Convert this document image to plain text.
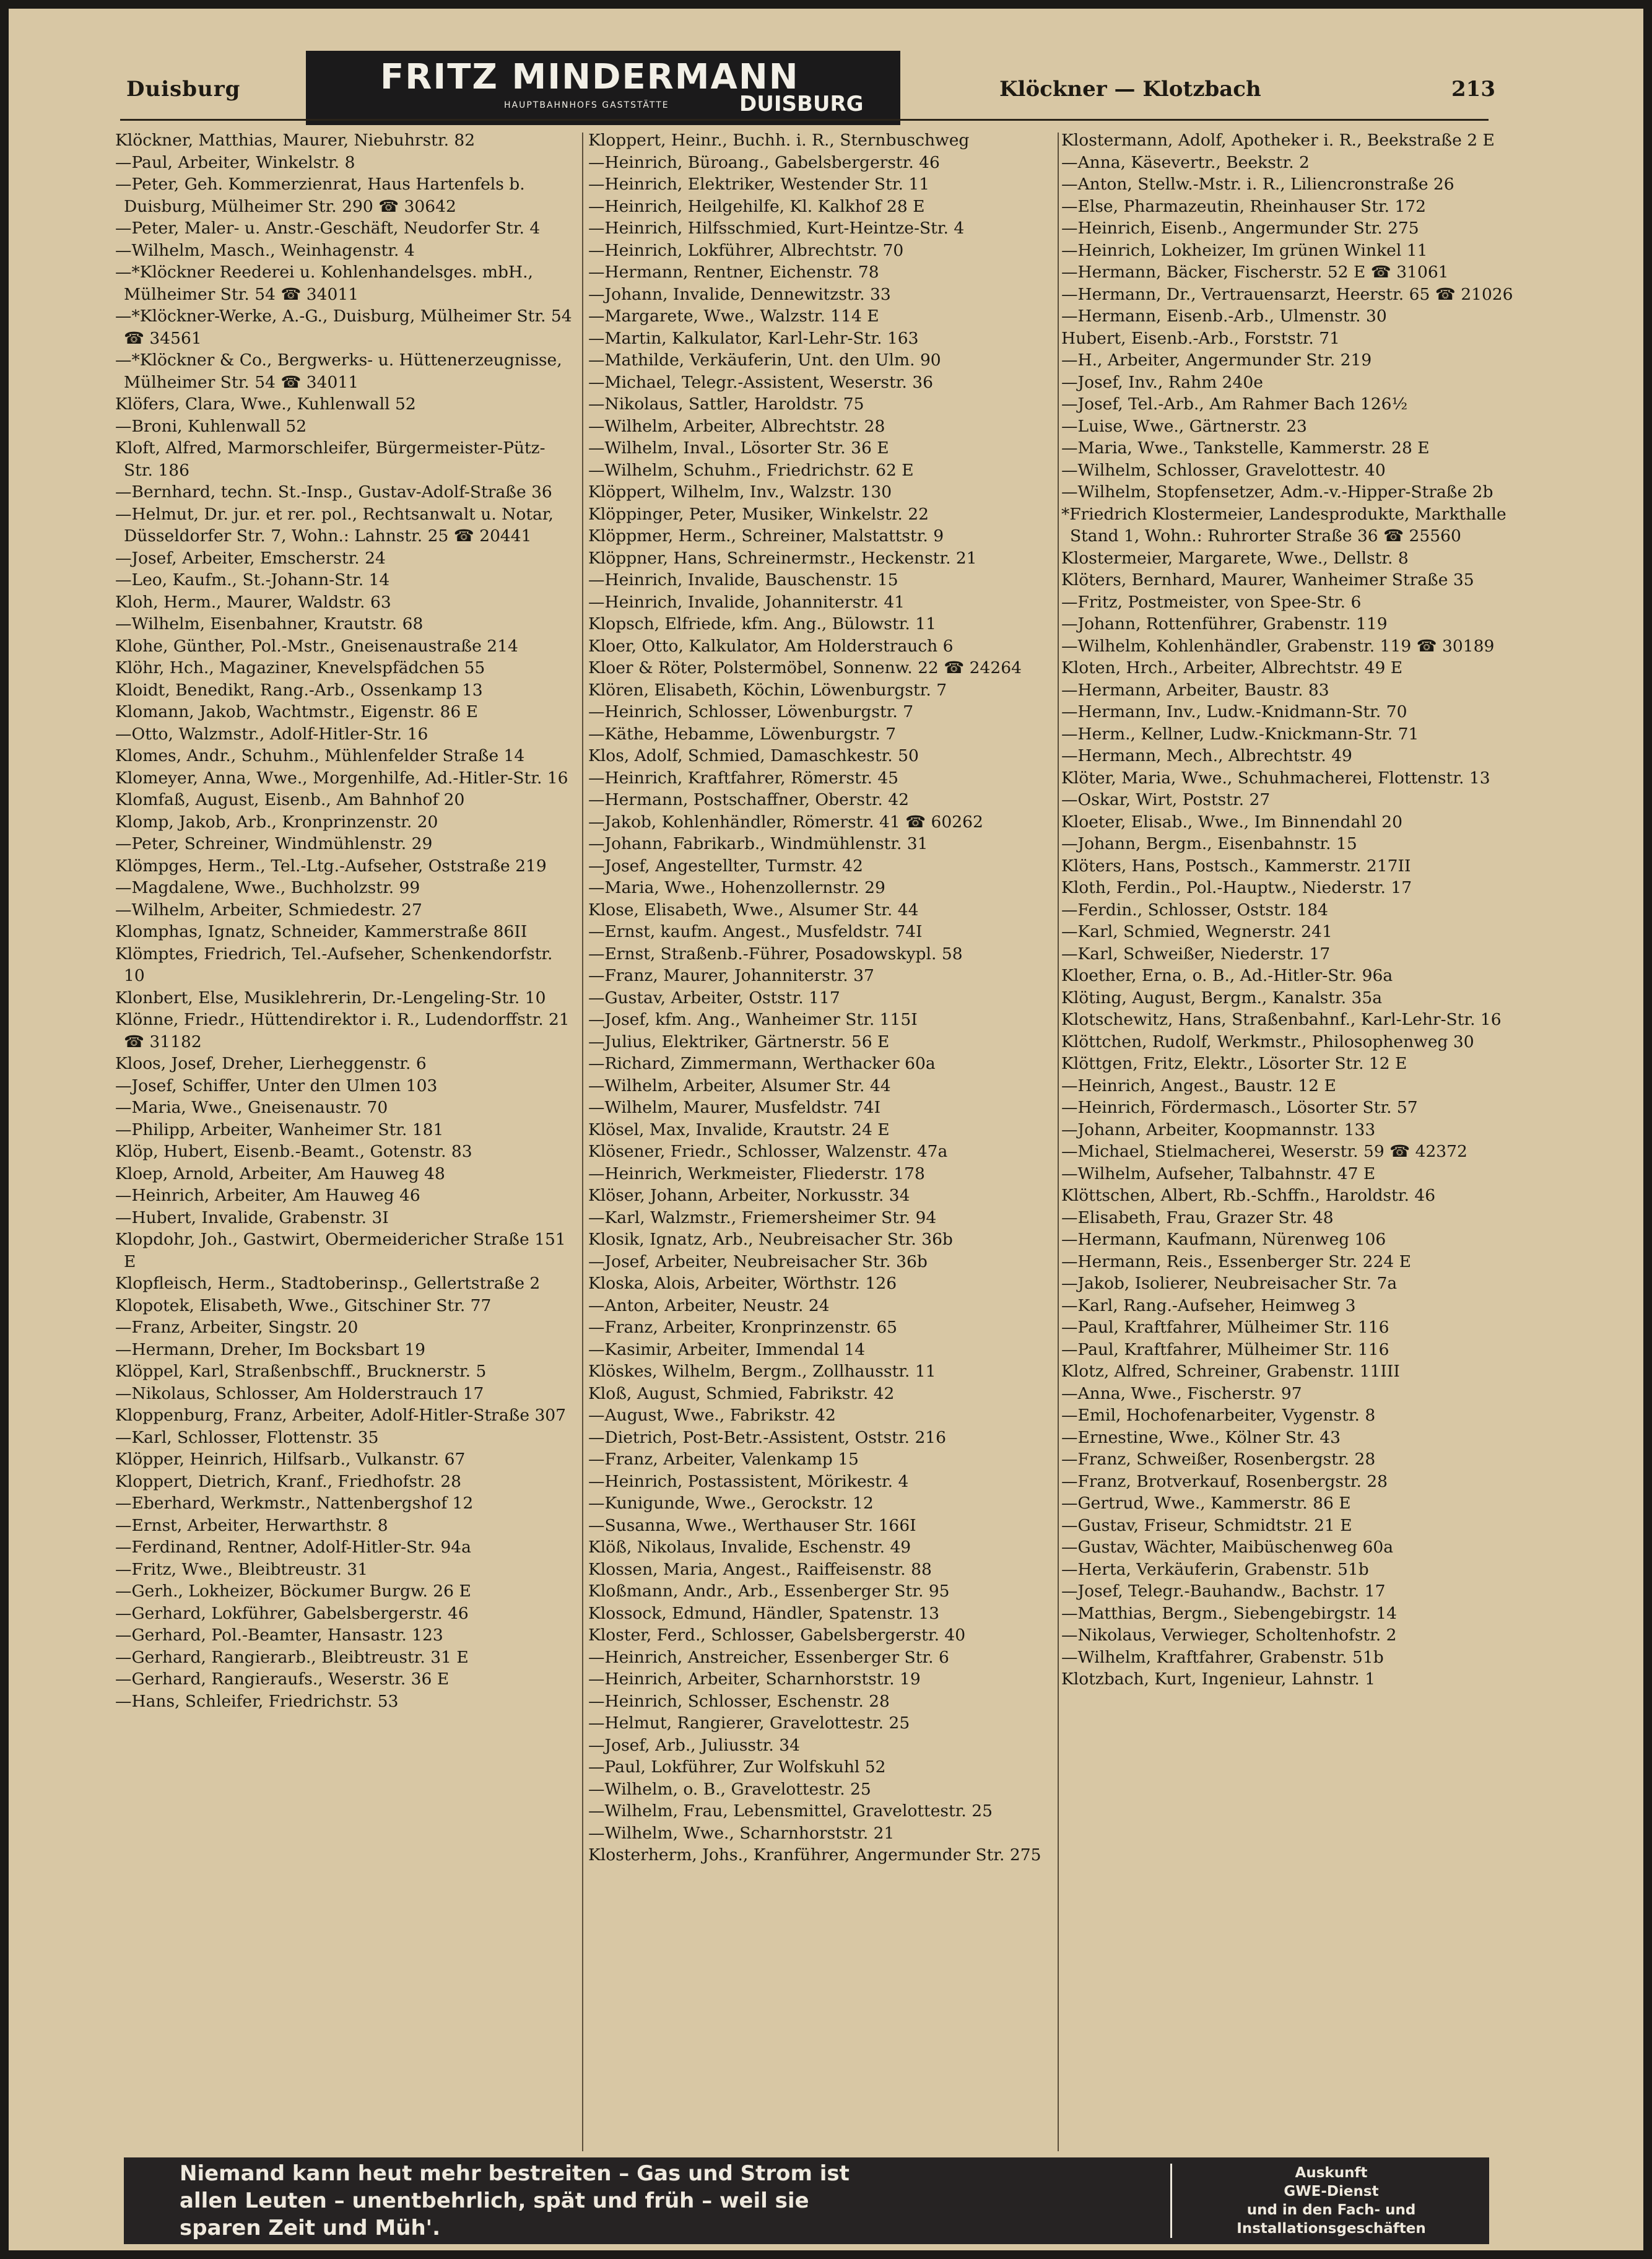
FRITZ MINDERMANN
HAUPTBAHNHOFS GASTSTÄTTE	DUISBURG
Duisburg	Klöckner — Klotzbach	213

Klöckner, Matthias, Maurer, Niebuhrstr. 82

—Paul, Arbeiter, Winkelstr. 8

—Peter, Geh. Kommerzienrat, Haus Hartenfels b. Duisburg, Mülheimer Str. 290 ☎ 30642

—Peter, Maler- u. Anstr.-Geschäft, Neudorfer Str. 4

—Wilhelm, Masch., Weinhagenstr. 4

—*Klöckner Reederei u. Kohlenhandelsges. mbH., Mülheimer Str. 54 ☎ 34011

—*Klöckner-Werke, A.-G., Duisburg, Mülheimer Str. 54 ☎ 34561

—*Klöckner & Co., Bergwerks- u. Hüttenerzeugnisse, Mülheimer Str. 54 ☎ 34011

Klöfers, Clara, Wwe., Kuhlenwall 52

—Broni, Kuhlenwall 52

Kloft, Alfred, Marmorschleifer, Bürgermeister-Pütz-Str. 186

—Bernhard, techn. St.-Insp., Gustav-Adolf-Straße 36

—Helmut, Dr. jur. et rer. pol., Rechtsanwalt u. Notar, Düsseldorfer Str. 7, Wohn.: Lahnstr. 25 ☎ 20441

—Josef, Arbeiter, Emscherstr. 24

—Leo, Kaufm., St.-Johann-Str. 14

Kloh, Herm., Maurer, Waldstr. 63

—Wilhelm, Eisenbahner, Krautstr. 68

Klohe, Günther, Pol.-Mstr., Gneisenaustraße 214

Klöhr, Hch., Magaziner, Knevelspfädchen 55

Kloidt, Benedikt, Rang.-Arb., Ossenkamp 13

Klomann, Jakob, Wachtmstr., Eigenstr. 86 E

—Otto, Walzmstr., Adolf-Hitler-Str. 16

Klomes, Andr., Schuhm., Mühlenfelder Straße 14

Klomeyer, Anna, Wwe., Morgenhilfe, Ad.-Hitler-Str. 16

Klomfaß, August, Eisenb., Am Bahnhof 20

Klomp, Jakob, Arb., Kronprinzenstr. 20

—Peter, Schreiner, Windmühlenstr. 29

Klömpges, Herm., Tel.-Ltg.-Aufseher, Oststraße 219

—Magdalene, Wwe., Buchholzstr. 99

—Wilhelm, Arbeiter, Schmiedestr. 27

Klomphas, Ignatz, Schneider, Kammerstraße 86II

Klömptes, Friedrich, Tel.-Aufseher, Schenkendorfstr. 10

Klonbert, Else, Musiklehrerin, Dr.-Lengeling-Str. 10

Klönne, Friedr., Hüttendirektor i. R., Ludendorffstr. 21 ☎ 31182

Kloos, Josef, Dreher, Lierheggenstr. 6

—Josef, Schiffer, Unter den Ulmen 103

—Maria, Wwe., Gneisenaustr. 70

—Philipp, Arbeiter, Wanheimer Str. 181

Klöp, Hubert, Eisenb.-Beamt., Gotenstr. 83

Kloep, Arnold, Arbeiter, Am Hauweg 48

—Heinrich, Arbeiter, Am Hauweg 46

—Hubert, Invalide, Grabenstr. 3I

Klopdohr, Joh., Gastwirt, Obermeidericher Straße 151 E

Klopfleisch, Herm., Stadtoberinsp., Gellertstraße 2

Klopotek, Elisabeth, Wwe., Gitschiner Str. 77

—Franz, Arbeiter, Singstr. 20

—Hermann, Dreher, Im Bocksbart 19

Klöppel, Karl, Straßenbschff., Brucknerstr. 5

—Nikolaus, Schlosser, Am Holderstrauch 17

Kloppenburg, Franz, Arbeiter, Adolf-Hitler-Straße 307

—Karl, Schlosser, Flottenstr. 35

Klöpper, Heinrich, Hilfsarb., Vulkanstr. 67

Kloppert, Dietrich, Kranf., Friedhofstr. 28

—Eberhard, Werkmstr., Nattenbergshof 12

—Ernst, Arbeiter, Herwarthstr. 8

—Ferdinand, Rentner, Adolf-Hitler-Str. 94a

—Fritz, Wwe., Bleibtreustr. 31

—Gerh., Lokheizer, Böckumer Burgw. 26 E

—Gerhard, Lokführer, Gabelsbergerstr. 46

—Gerhard, Pol.-Beamter, Hansastr. 123

—Gerhard, Rangierarb., Bleibtreustr. 31 E

—Gerhard, Rangieraufs., Weserstr. 36 E

—Hans, Schleifer, Friedrichstr. 53

Kloppert, Heinr., Buchh. i. R., Sternbuschweg

—Heinrich, Büroang., Gabelsbergerstr. 46

—Heinrich, Elektriker, Westender Str. 11

—Heinrich, Heilgehilfe, Kl. Kalkhof 28 E

—Heinrich, Hilfsschmied, Kurt-Heintze-Str. 4

—Heinrich, Lokführer, Albrechtstr. 70

—Hermann, Rentner, Eichenstr. 78

—Johann, Invalide, Dennewitzstr. 33

—Margarete, Wwe., Walzstr. 114 E

—Martin, Kalkulator, Karl-Lehr-Str. 163

—Mathilde, Verkäuferin, Unt. den Ulm. 90

—Michael, Telegr.-Assistent, Weserstr. 36

—Nikolaus, Sattler, Haroldstr. 75

—Wilhelm, Arbeiter, Albrechtstr. 28

—Wilhelm, Inval., Lösorter Str. 36 E

—Wilhelm, Schuhm., Friedrichstr. 62 E

Klöppert, Wilhelm, Inv., Walzstr. 130

Klöppinger, Peter, Musiker, Winkelstr. 22

Klöppmer, Herm., Schreiner, Malstattstr. 9

Klöppner, Hans, Schreinermstr., Heckenstr. 21

—Heinrich, Invalide, Bauschenstr. 15

—Heinrich, Invalide, Johanniterstr. 41

Klopsch, Elfriede, kfm. Ang., Bülowstr. 11

Kloer, Otto, Kalkulator, Am Holderstrauch 6

Kloer & Röter, Polstermöbel, Sonnenw. 22 ☎ 24264

Klören, Elisabeth, Köchin, Löwenburgstr. 7

—Heinrich, Schlosser, Löwenburgstr. 7

—Käthe, Hebamme, Löwenburgstr. 7

Klos, Adolf, Schmied, Damaschkestr. 50

—Heinrich, Kraftfahrer, Römerstr. 45

—Hermann, Postschaffner, Oberstr. 42

—Jakob, Kohlenhändler, Römerstr. 41 ☎ 60262

—Johann, Fabrikarb., Windmühlenstr. 31

—Josef, Angestellter, Turmstr. 42

—Maria, Wwe., Hohenzollernstr. 29

Klose, Elisabeth, Wwe., Alsumer Str. 44

—Ernst, kaufm. Angest., Musfeldstr. 74I

—Ernst, Straßenb.-Führer, Posadowskypl. 58

—Franz, Maurer, Johanniterstr. 37

—Gustav, Arbeiter, Oststr. 117

—Josef, kfm. Ang., Wanheimer Str. 115I

—Julius, Elektriker, Gärtnerstr. 56 E

—Richard, Zimmermann, Werthacker 60a

—Wilhelm, Arbeiter, Alsumer Str. 44

—Wilhelm, Maurer, Musfeldstr. 74I

Klösel, Max, Invalide, Krautstr. 24 E

Klösener, Friedr., Schlosser, Walzenstr. 47a

—Heinrich, Werkmeister, Fliederstr. 178

Klöser, Johann, Arbeiter, Norkusstr. 34

—Karl, Walzmstr., Friemersheimer Str. 94

Klosik, Ignatz, Arb., Neubreisacher Str. 36b

—Josef, Arbeiter, Neubreisacher Str. 36b

Kloska, Alois, Arbeiter, Wörthstr. 126

—Anton, Arbeiter, Neustr. 24

—Franz, Arbeiter, Kronprinzenstr. 65

—Kasimir, Arbeiter, Immendal 14

Klöskes, Wilhelm, Bergm., Zollhausstr. 11

Kloß, August, Schmied, Fabrikstr. 42

—August, Wwe., Fabrikstr. 42

—Dietrich, Post-Betr.-Assistent, Oststr. 216

—Franz, Arbeiter, Valenkamp 15

—Heinrich, Postassistent, Mörikestr. 4

—Kunigunde, Wwe., Gerockstr. 12

—Susanna, Wwe., Werthauser Str. 166I

Klöß, Nikolaus, Invalide, Eschenstr. 49

Klossen, Maria, Angest., Raiffeisenstr. 88

Kloßmann, Andr., Arb., Essenberger Str. 95

Klossock, Edmund, Händler, Spatenstr. 13

Kloster, Ferd., Schlosser, Gabelsbergerstr. 40

—Heinrich, Anstreicher, Essenberger Str. 6

—Heinrich, Arbeiter, Scharnhorststr. 19

—Heinrich, Schlosser, Eschenstr. 28

—Helmut, Rangierer, Gravelottestr. 25

—Josef, Arb., Juliusstr. 34

—Paul, Lokführer, Zur Wolfskuhl 52

—Wilhelm, o. B., Gravelottestr. 25

—Wilhelm, Frau, Lebensmittel, Gravelottestr. 25

—Wilhelm, Wwe., Scharnhorststr. 21

Klosterherm, Johs., Kranführer, Angermunder Str. 275

Klostermann, Adolf, Apotheker i. R., Beekstraße 2 E

—Anna, Käsevertr., Beekstr. 2

—Anton, Stellw.-Mstr. i. R., Liliencronstraße 26

—Else, Pharmazeutin, Rheinhauser Str. 172

—Heinrich, Eisenb., Angermunder Str. 275

—Heinrich, Lokheizer, Im grünen Winkel 11

—Hermann, Bäcker, Fischerstr. 52 E ☎ 31061

—Hermann, Dr., Vertrauensarzt, Heerstr. 65 ☎ 21026

—Hermann, Eisenb.-Arb., Ulmenstr. 30

Hubert, Eisenb.-Arb., Forststr. 71

—H., Arbeiter, Angermunder Str. 219

—Josef, Inv., Rahm 240e

—Josef, Tel.-Arb., Am Rahmer Bach 126½

—Luise, Wwe., Gärtnerstr. 23

—Maria, Wwe., Tankstelle, Kammerstr. 28 E

—Wilhelm, Schlosser, Gravelottestr. 40

—Wilhelm, Stopfensetzer, Adm.-v.-Hipper-Straße 2b

*Friedrich Klostermeier, Landesprodukte, Markthalle Stand 1, Wohn.: Ruhrorter Straße 36 ☎ 25560

Klostermeier, Margarete, Wwe., Dellstr. 8

Klöters, Bernhard, Maurer, Wanheimer Straße 35

—Fritz, Postmeister, von Spee-Str. 6

—Johann, Rottenführer, Grabenstr. 119

—Wilhelm, Kohlenhändler, Grabenstr. 119 ☎ 30189

Kloten, Hrch., Arbeiter, Albrechtstr. 49 E

—Hermann, Arbeiter, Baustr. 83

—Hermann, Inv., Ludw.-Knidmann-Str. 70

—Herm., Kellner, Ludw.-Knickmann-Str. 71

—Hermann, Mech., Albrechtstr. 49

Klöter, Maria, Wwe., Schuhmacherei, Flottenstr. 13

—Oskar, Wirt, Poststr. 27

Kloeter, Elisab., Wwe., Im Binnendahl 20

—Johann, Bergm., Eisenbahnstr. 15

Klöters, Hans, Postsch., Kammerstr. 217II

Kloth, Ferdin., Pol.-Hauptw., Niederstr. 17

—Ferdin., Schlosser, Oststr. 184

—Karl, Schmied, Wegnerstr. 241

—Karl, Schweißer, Niederstr. 17

Kloether, Erna, o. B., Ad.-Hitler-Str. 96a

Klöting, August, Bergm., Kanalstr. 35a

Klotschewitz, Hans, Straßenbahnf., Karl-Lehr-Str. 16

Klöttchen, Rudolf, Werkmstr., Philosophenweg 30

Klöttgen, Fritz, Elektr., Lösorter Str. 12 E

—Heinrich, Angest., Baustr. 12 E

—Heinrich, Fördermasch., Lösorter Str. 57

—Johann, Arbeiter, Koopmannstr. 133

—Michael, Stielmacherei, Weserstr. 59 ☎ 42372

—Wilhelm, Aufseher, Talbahnstr. 47 E

Klöttschen, Albert, Rb.-Schffn., Haroldstr. 46

—Elisabeth, Frau, Grazer Str. 48

—Hermann, Kaufmann, Nürenweg 106

—Hermann, Reis., Essenberger Str. 224 E

—Jakob, Isolierer, Neubreisacher Str. 7a

—Karl, Rang.-Aufseher, Heimweg 3

—Paul, Kraftfahrer, Mülheimer Str. 116

—Paul, Kraftfahrer, Mülheimer Str. 116

Klotz, Alfred, Schreiner, Grabenstr. 11III

—Anna, Wwe., Fischerstr. 97

—Emil, Hochofenarbeiter, Vygenstr. 8

—Ernestine, Wwe., Kölner Str. 43

—Franz, Schweißer, Rosenbergstr. 28

—Franz, Brotverkauf, Rosenbergstr. 28

—Gertrud, Wwe., Kammerstr. 86 E

—Gustav, Friseur, Schmidtstr. 21 E

—Gustav, Wächter, Maibüschenweg 60a

—Herta, Verkäuferin, Grabenstr. 51b

—Josef, Telegr.-Bauhandw., Bachstr. 17

—Matthias, Bergm., Siebengebirgstr. 14

—Nikolaus, Verwieger, Scholtenhofstr. 2

—Wilhelm, Kraftfahrer, Grabenstr. 51b

Klotzbach, Kurt, Ingenieur, Lahnstr. 1

Niemand kann heut mehr bestreiten – Gas und Strom ist
allen Leuten – unentbehrlich, spät und früh – weil sie
sparen Zeit und Müh'.
Auskunft
GWE-Dienst
und in den Fach- und
Installationsgeschäften
